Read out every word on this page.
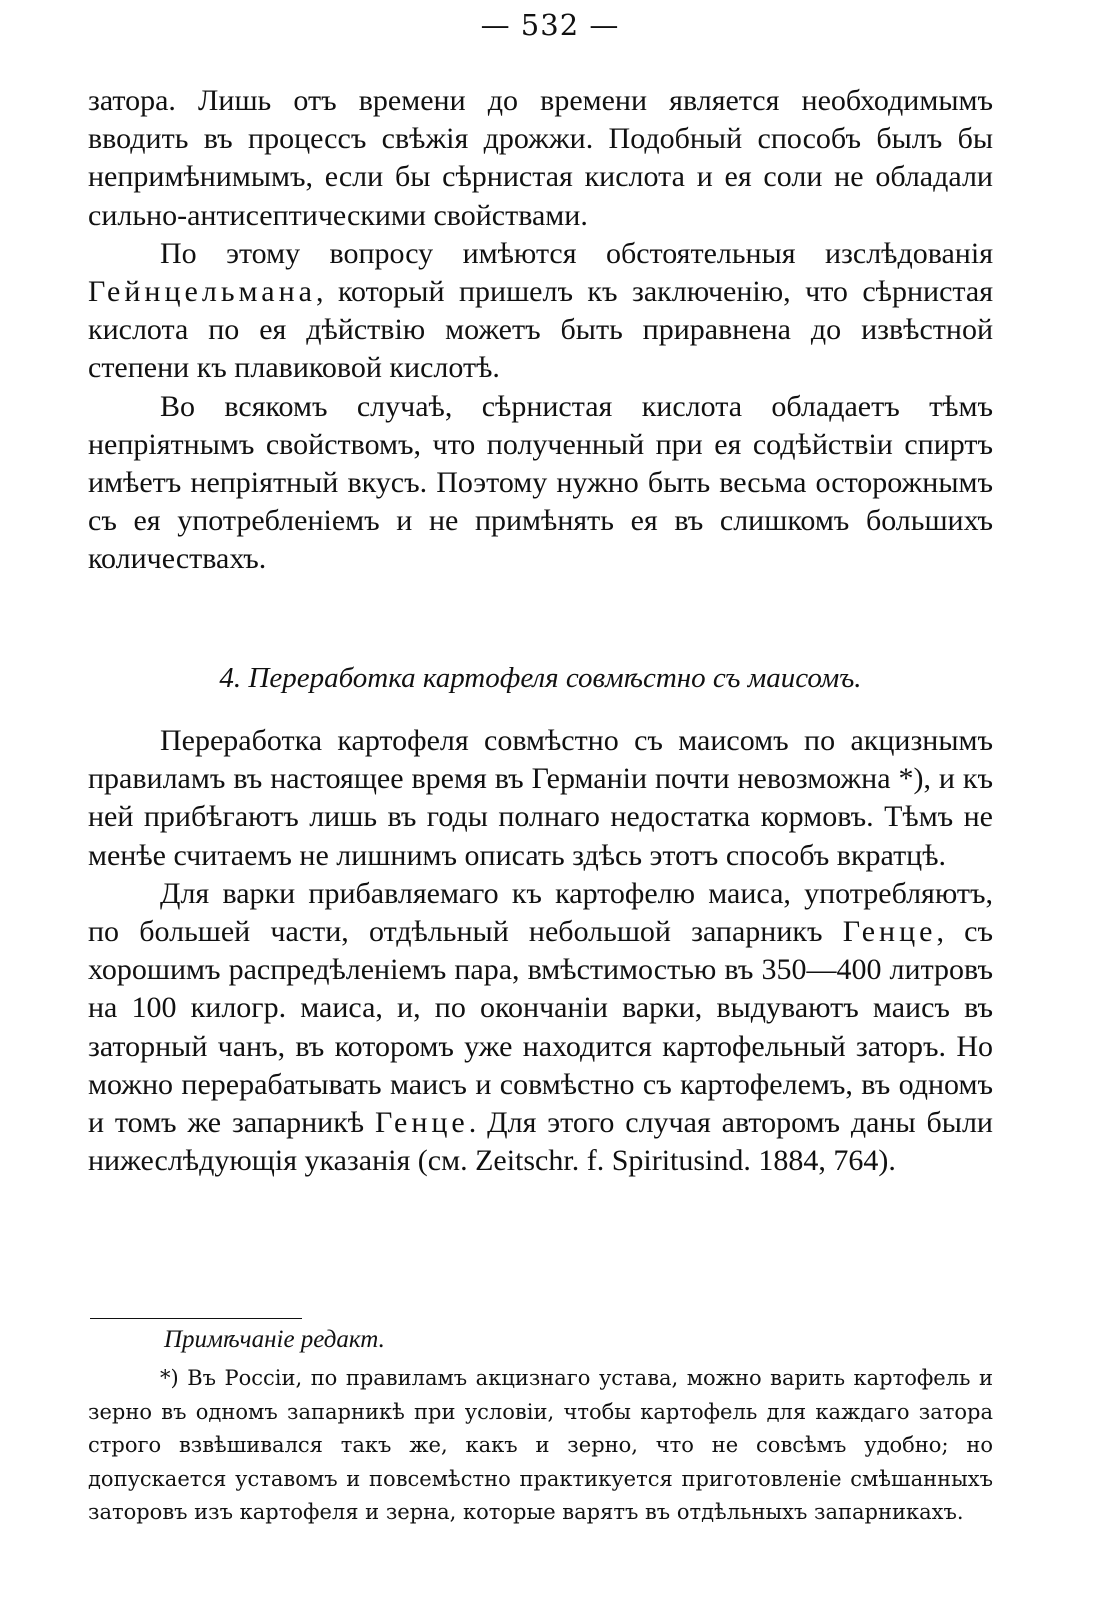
— 532 —

затора. Лишь отъ времени до времени является необходимымъ вводить въ процессъ свѣжія дрожжи. Подобный способъ былъ бы непримѣнимымъ, если бы сѣрнистая кислота и ея соли не обладали сильно-антисептическими свойствами.

По этому вопросу имѣются обстоятельныя изслѣдованія Гейнцельмана, который пришелъ къ заключенію, что сѣрнистая кислота по ея дѣйствію можетъ быть приравнена до извѣстной степени къ плавиковой кислотѣ.

Во всякомъ случаѣ, сѣрнистая кислота обладаетъ тѣмъ непріятнымъ свойствомъ, что полученный при ея содѣйствіи спиртъ имѣетъ непріятный вкусъ. Поэтому нужно быть весьма осторожнымъ съ ея употребленіемъ и не примѣнять ея въ слишкомъ большихъ количествахъ.

4. Переработка картофеля совмѣстно съ маисомъ.

Переработка картофеля совмѣстно съ маисомъ по акцизнымъ правиламъ въ настоящее время въ Германіи почти невозможна *), и къ ней прибѣгаютъ лишь въ годы полнаго недостатка кормовъ. Тѣмъ не менѣе считаемъ не лишнимъ описать здѣсь этотъ способъ вкратцѣ.

Для варки прибавляемаго къ картофелю маиса, употребляютъ, по большей части, отдѣльный небольшой запарникъ Генце, съ хорошимъ распредѣленіемъ пара, вмѣстимостью въ 350—400 литровъ на 100 килогр. маиса, и, по окончаніи варки, выдуваютъ маисъ въ заторный чанъ, въ которомъ уже находится картофельный заторъ. Но можно перерабатывать маисъ и совмѣстно съ картофелемъ, въ одномъ и томъ же запарникѣ Генце. Для этого случая авторомъ даны были нижеслѣдующія указанія (см. Zeitschr. f. Spiritusind. 1884, 764).

Примѣчаніе редакт.
*) Въ Россіи, по правиламъ акцизнаго устава, можно варить картофель и зерно въ одномъ запарникѣ при условіи, чтобы картофель для каждаго затора строго взвѣшивался такъ же, какъ и зерно, что не совсѣмъ удобно; но допускается уставомъ и повсемѣстно практикуется приготовленіе смѣшанныхъ заторовъ изъ картофеля и зерна, которые варятъ въ отдѣльныхъ запарникахъ.
